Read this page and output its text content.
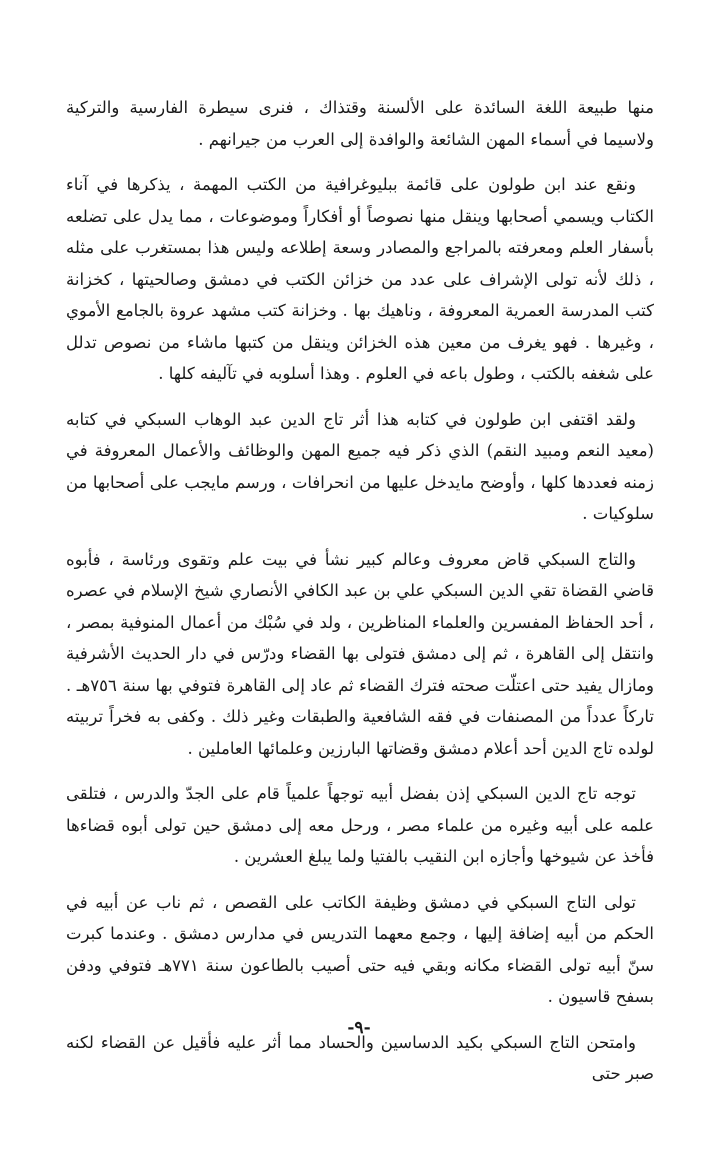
منها طبيعة اللغة السائدة على الألسنة وقتذاك ، فنرى سيطرة الفارسية والتركية ولاسيما في أسماء المهن الشائعة والوافدة إلى العرب من جيرانهم .

ونقع عند ابن طولون على قائمة ببليوغرافية من الكتب المهمة ، يذكرها في آناء الكتاب ويسمي أصحابها وينقل منها نصوصاً أو أفكاراً وموضوعات ، مما يدل على تضلعه بأسفار العلم ومعرفته بالمراجع والمصادر وسعة إطلاعه وليس هذا بمستغرب على مثله ، ذلك لأنه تولى الإشراف على عدد من خزائن الكتب في دمشق وصالحيتها ، كخزانة كتب المدرسة العمرية المعروفة ، وناهيك بها . وخزانة كتب مشهد عروة بالجامع الأموي ، وغيرها . فهو يغرف من معين هذه الخزائن وينقل من كتبها ماشاء من نصوص تدلل على شغفه بالكتب ، وطول باعه في العلوم . وهذا أسلوبه في تآليفه كلها .

ولقد اقتفى ابن طولون في كتابه هذا أثر تاج الدين عبد الوهاب السبكي في كتابه (معيد النعم ومبيد النقم) الذي ذكر فيه جميع المهن والوظائف والأعمال المعروفة في زمنه فعددها كلها ، وأوضح مايدخل عليها من انحرافات ، ورسم مايجب على أصحابها من سلوكيات .

والتاج السبكي قاض معروف وعالم كبير نشأ في بيت علم وتقوى ورئاسة ، فأبوه قاضي القضاة تقي الدين السبكي علي بن عبد الكافي الأنصاري شيخ الإسلام في عصره ، أحد الحفاظ المفسرين والعلماء المناظرين ، ولد في سُبْك من أعمال المنوفية بمصر ، وانتقل إلى القاهرة ، ثم إلى دمشق فتولى بها القضاء ودرّس في دار الحديث الأشرفية ومازال يفيد حتى اعتلّت صحته فترك القضاء ثم عاد إلى القاهرة فتوفي بها سنة ٧٥٦هـ . تاركاً عدداً من المصنفات في فقه الشافعية والطبقات وغير ذلك . وكفى به فخراً تربيته لولده تاج الدين أحد أعلام دمشق وقضاتها البارزين وعلمائها العاملين .

توجه تاج الدين السبكي إذن بفضل أبيه توجهاً علمياً قام على الجدّ والدرس ، فتلقى علمه على أبيه وغيره من علماء مصر ، ورحل معه إلى دمشق حين تولى أبوه قضاءها فأخذ عن شيوخها وأجازه ابن النقيب بالفتيا ولما يبلغ العشرين .

تولى التاج السبكي في دمشق وظيفة الكاتب على القصص ، ثم ناب عن أبيه في الحكم من أبيه إضافة إليها ، وجمع معهما التدريس في مدارس دمشق . وعندما كبرت سنّ أبيه تولى القضاء مكانه وبقي فيه حتى أصيب بالطاعون سنة ٧٧١هـ فتوفي ودفن بسفح قاسيون .

وامتحن التاج السبكي بكيد الدساسين والحساد مما أثر عليه فأقيل عن القضاء لكنه صبر حتى

-٩-
